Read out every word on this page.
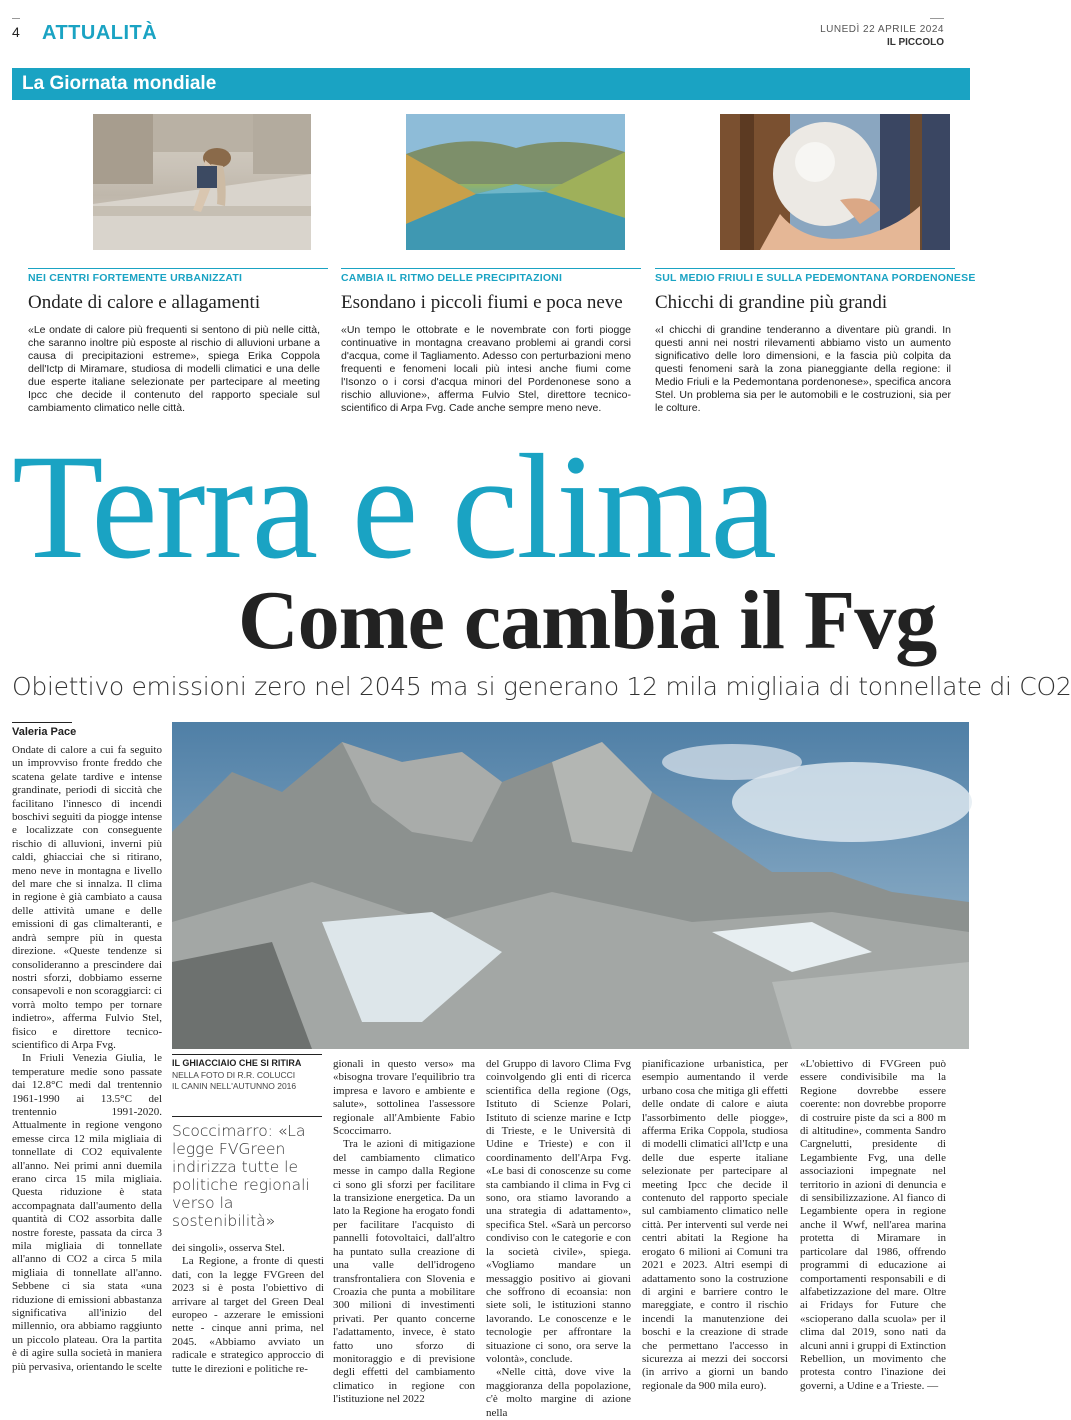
4 ATTUALITÀ	LUNEDÌ 22 APRILE 2024
IL PICCOLO
La Giornata mondiale
NEI CENTRI FORTEMENTE URBANIZZATI
Ondate di calore e allagamenti
«Le ondate di calore più frequenti si sentono di più nelle città, che saranno inoltre più esposte al rischio di alluvioni urbane a causa di precipitazioni estreme», spiega Erika Coppola dell'Ictp di Miramare, studiosa di modelli climatici e una delle due esperte italiane selezionate per partecipare al meeting Ipcc che decide il contenuto del rapporto speciale sul cambiamento climatico nelle città.
CAMBIA IL RITMO DELLE PRECIPITAZIONI
Esondano i piccoli fiumi e poca neve
«Un tempo le ottobrate e le novembrate con forti piogge continuative in montagna creavano problemi ai grandi corsi d'acqua, come il Tagliamento. Adesso con perturbazioni meno frequenti e fenomeni locali più intesi anche fiumi come l'Isonzo o i corsi d'acqua minori del Pordenonese sono a rischio alluvione», afferma Fulvio Stel, direttore tecnico-scientifico di Arpa Fvg. Cade anche sempre meno neve.
SUL MEDIO FRIULI E SULLA PEDEMONTANA PORDENONESE
Chicchi di grandine più grandi
«I chicchi di grandine tenderanno a diventare più grandi. In questi anni nei nostri rilevamenti abbiamo visto un aumento significativo delle loro dimensioni, e la fascia più colpita da questi fenomeni sarà la zona pianeggiante della regione: il Medio Friuli e la Pedemontana pordenonese», specifica ancora Stel. Un problema sia per le automobili e le costruzioni, sia per le colture.
Terra e clima
Come cambia il Fvg
Obiettivo emissioni zero nel 2045 ma si generano 12 mila migliaia di tonnellate di CO2
Valeria Pace

Ondate di calore a cui fa seguito un improvviso fronte freddo che scatena gelate tardive e intense grandinate, periodi di siccità che facilitano l'innesco di incendi boschivi seguiti da piogge intense e localizzate con conseguente rischio di alluvioni, inverni più caldi, ghiacciai che si ritirano, meno neve in montagna e livello del mare che si innalza. Il clima in regione è già cambiato a causa delle attività umane e delle emissioni di gas climalteranti, e andrà sempre più in questa direzione. «Queste tendenze si consolideranno a prescindere dai nostri sforzi, dobbiamo esserne consapevoli e non scoraggiarci: ci vorrà molto tempo per tornare indietro», afferma Fulvio Stel, fisico e direttore tecnico-scientifico di Arpa Fvg.

In Friuli Venezia Giulia, le temperature medie sono passate dai 12.8°C medi dal trentennio 1961-1990 ai 13.5°C del trentennio 1991-2020. Attualmente in regione vengono emesse circa 12 mila migliaia di tonnellate di CO2 equivalente all'anno. Nei primi anni duemila erano circa 15 mila migliaia. Questa riduzione è stata accompagnata dall'aumento della quantità di CO2 assorbita dalle nostre foreste, passata da circa 3 mila migliaia di tonnellate all'anno di CO2 a circa 5 mila migliaia di tonnellate all'anno. Sebbene ci sia stata «una riduzione di emissioni abbastanza significativa all'inizio del millennio, ora abbiamo raggiunto un piccolo plateau. Ora la partita è di agire sulla società in maniera più pervasiva, orientando le scelte

IL GHIACCIAIO CHE SI RITIRA
NELLA FOTO DI R.R. COLUCCI
IL CANIN NELL'AUTUNNO 2016
Scoccimarro: «La legge FVGreen indirizza tutte le politiche regionali verso la sostenibilità»

dei singoli», osserva Stel.

La Regione, a fronte di questi dati, con la legge FVGreen del 2023 si è posta l'obiettivo di arrivare al target del Green Deal europeo - azzerare le emissioni nette - cinque anni prima, nel 2045. «Abbiamo avviato un radicale e strategico approccio di tutte le direzioni e politiche re-

gionali in questo verso» ma «bisogna trovare l'equilibrio tra impresa e lavoro e ambiente e salute», sottolinea l'assessore regionale all'Ambiente Fabio Scoccimarro.

Tra le azioni di mitigazione del cambiamento climatico messe in campo dalla Regione ci sono gli sforzi per facilitare la transizione energetica. Da un lato la Regione ha erogato fondi per facilitare l'acquisto di pannelli fotovoltaici, dall'altro ha puntato sulla creazione di una valle dell'idrogeno transfrontaliera con Slovenia e Croazia che punta a mobilitare 300 milioni di investimenti privati. Per quanto concerne l'adattamento, invece, è stato fatto uno sforzo di monitoraggio e di previsione degli effetti del cambiamento climatico in regione con l'istituzione nel 2022

del Gruppo di lavoro Clima Fvg coinvolgendo gli enti di ricerca scientifica della regione (Ogs, Istituto di Scienze Polari, Istituto di scienze marine e Ictp di Trieste, e le Università di Udine e Trieste) e con il coordinamento dell'Arpa Fvg. «Le basi di conoscenze su come sta cambiando il clima in Fvg ci sono, ora stiamo lavorando a una strategia di adattamento», specifica Stel. «Sarà un percorso condiviso con le categorie e con la società civile», spiega. «Vogliamo mandare un messaggio positivo ai giovani che soffrono di ecoansia: non siete soli, le istituzioni stanno lavorando. Le conoscenze e le tecnologie per affrontare la situazione ci sono, ora serve la volontà», conclude.

«Nelle città, dove vive la maggioranza della popolazione, c'è molto margine di azione nella

pianificazione urbanistica, per esempio aumentando il verde urbano cosa che mitiga gli effetti delle ondate di calore e aiuta l'assorbimento delle piogge», afferma Erika Coppola, studiosa di modelli climatici all'Ictp e una delle due esperte italiane selezionate per partecipare al meeting Ipcc che decide il contenuto del rapporto speciale sul cambiamento climatico nelle città. Per interventi sul verde nei centri abitati la Regione ha erogato 6 milioni ai Comuni tra 2021 e 2023. Altri esempi di adattamento sono la costruzione di argini e barriere contro le mareggiate, e contro il rischio incendi la manutenzione dei boschi e la creazione di strade che permettano l'accesso in sicurezza ai mezzi dei soccorsi (in arrivo a giorni un bando regionale da 900 mila euro).

«L'obiettivo di FVGreen può essere condivisibile ma la Regione dovrebbe essere coerente: non dovrebbe proporre di costruire piste da sci a 800 m di altitudine», commenta Sandro Cargnelutti, presidente di Legambiente Fvg, una delle associazioni impegnate nel territorio in azioni di denuncia e di sensibilizzazione. Al fianco di Legambiente opera in regione anche il Wwf, nell'area marina protetta di Miramare in particolare dal 1986, offrendo programmi di educazione ai comportamenti responsabili e di alfabetizzazione del mare. Oltre ai Fridays for Future che «scioperano dalla scuola» per il clima dal 2019, sono nati da alcuni anni i gruppi di Extinction Rebellion, un movimento che protesta contro l'inazione dei governi, a Udine e a Trieste. —
